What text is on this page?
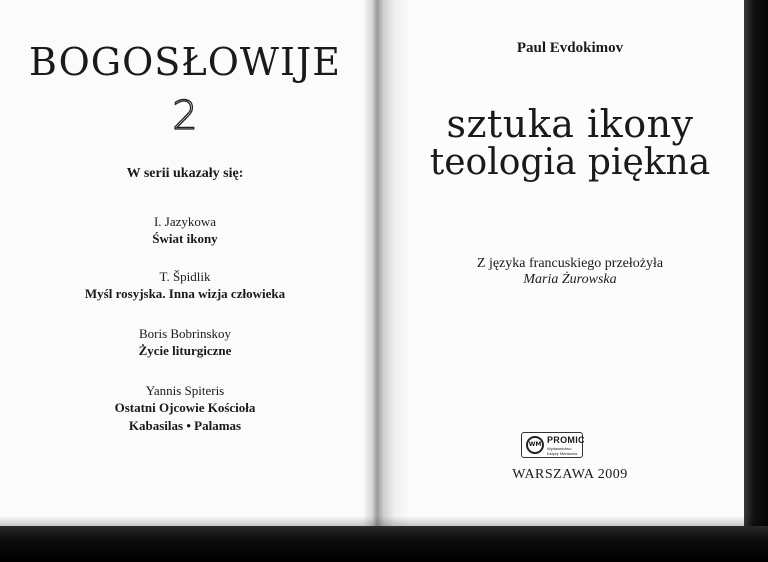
BOGOSŁOWIJE
2
W serii ukazały się:
I. Jazykowa
Świat ikony
T. Špidlik
Myśl rosyjska. Inna wizja człowieka
Boris Bobrinskoy
Życie liturgiczne
Yannis Spiteris
Ostatni Ojcowie Kościoła
Kabasilas • Palamas
Paul Evdokimov
sztuka ikony
teologia piękna
Z języka francuskiego przełożyła
Maria Żurowska
WM PROMIC
Wydawnictwo Księży Marianów
WARSZAWA 2009
